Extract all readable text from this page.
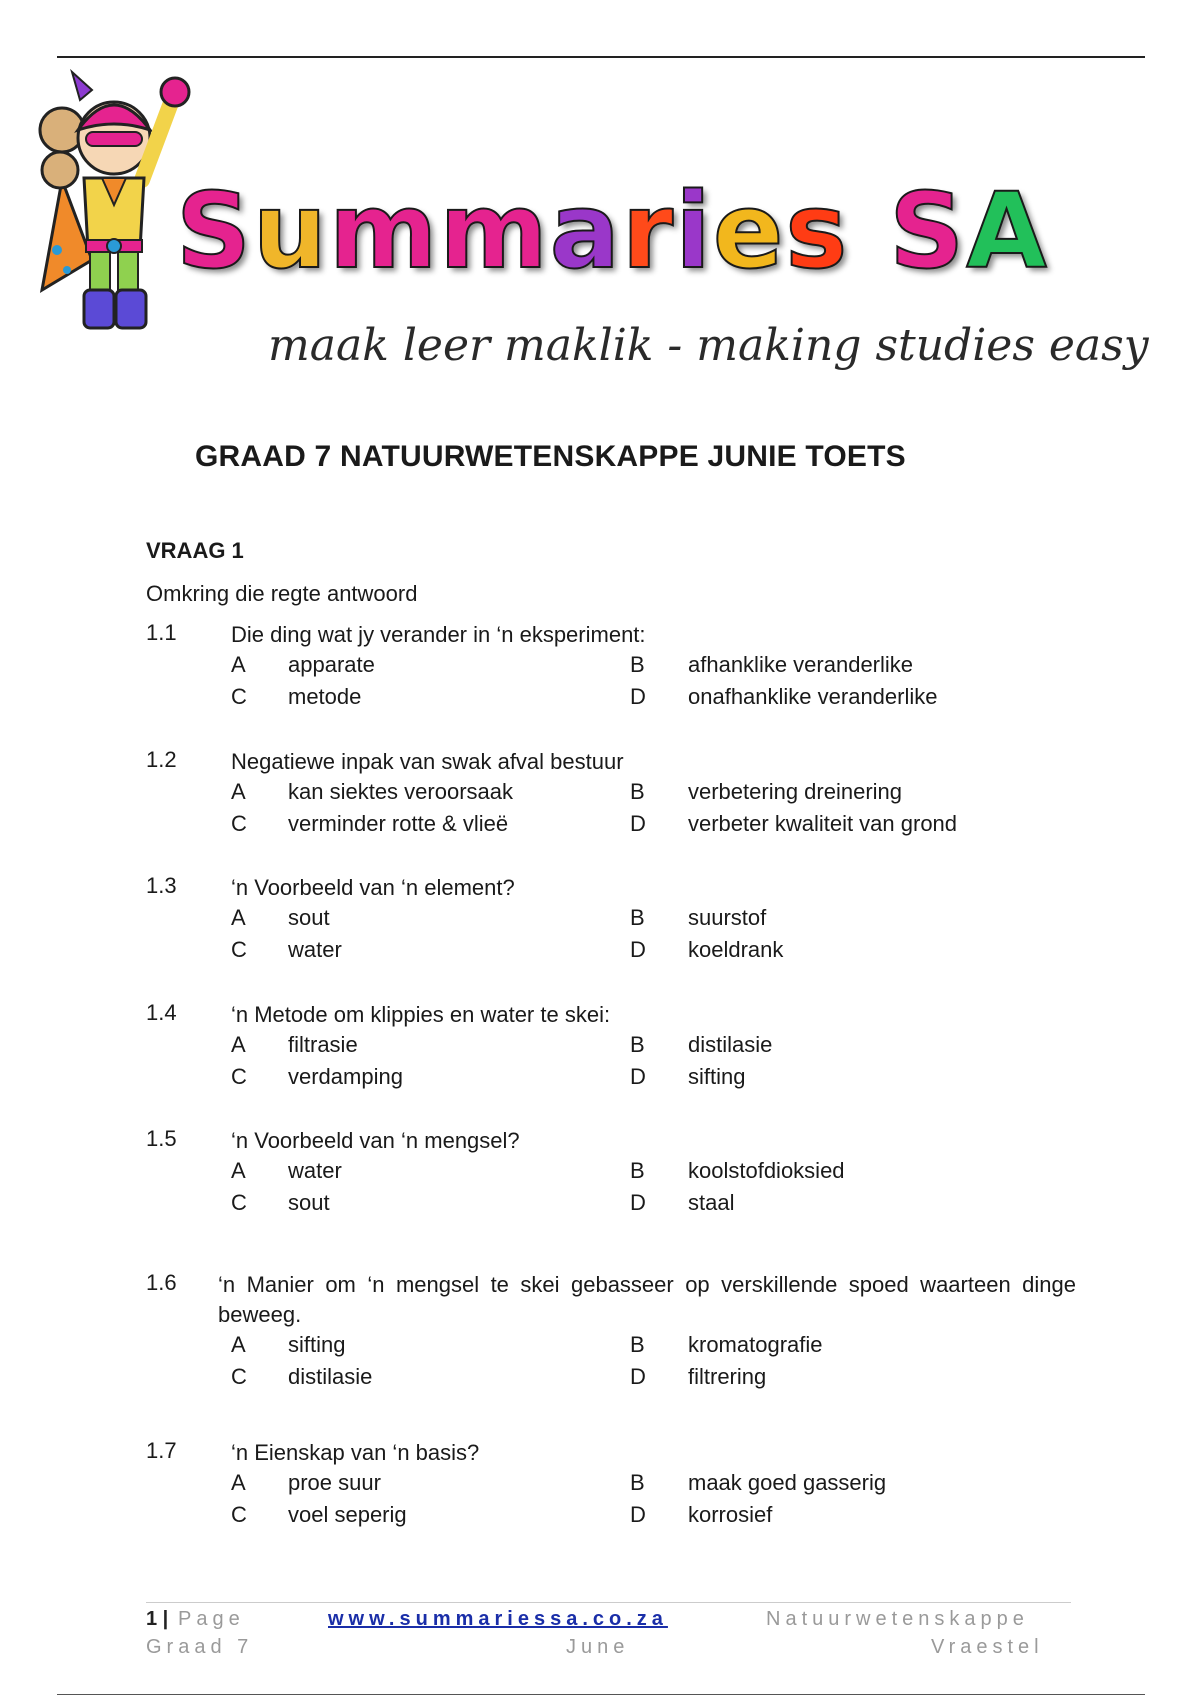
Summaries SA
maak leer maklik - making studies easy
GRAAD 7 NATUURWETENSKAPPE JUNIE TOETS
VRAAG 1
Omkring die regte antwoord
1.1 Die ding wat jy verander in ‘n eksperiment:
A apparate	B afhanklike veranderlike
C metode	D onafhanklike veranderlike
1.2 Negatiewe inpak van swak afval bestuur
A kan siektes veroorsaak	B verbetering dreinering
C verminder rotte & vlieë	D verbeter kwaliteit van grond
1.3 ‘n Voorbeeld van ‘n element?
A sout	B suurstof
C water	D koeldrank
1.4 ‘n Metode om klippies en water te skei:
A filtrasie	B distilasie
C verdamping	D sifting
1.5 ‘n Voorbeeld van ‘n mengsel?
A water	B koolstofdioksied
C sout	D staal
1.6 ‘n Manier om ‘n mengsel te skei gebasseer op verskillende spoed waarteen dinge beweeg.
A sifting	B kromatografie
C distilasie	D filtrering
1.7 ‘n Eienskap van ‘n basis?
A proe suur	B maak goed gasserig
C voel seperig	D korrosief
1 | Page	www.summariessa.co.za	Natuurwetenskappe
Graad 7	June	Vraestel
